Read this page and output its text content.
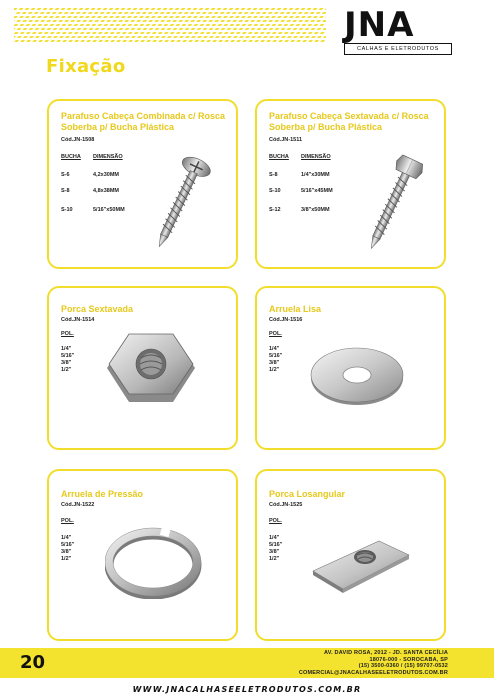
JNA
CALHAS E ELETRODUTOS
Fixação
Parafuso Cabeça Combinada c/ Rosca Soberba p/ Bucha Plástica
Cód.JN-1508
BUCHA DIMENSÃO
S-6	4,2x30MM
S-8	4,8x38MM
S-10	5/16"x50MM
Parafuso Cabeça Sextavada c/ Rosca Soberba p/ Bucha Plástica
Cód.JN-1511
BUCHA DIMENSÃO
S-8	1/4"x30MM
S-10	5/16"x45MM
S-12	3/8"x50MM
Porca Sextavada
Cód.JN-1514
POL.
1/4"
5/16"
3/8"
1/2"
Arruela Lisa
Cód.JN-1516
POL.
1/4"
5/16"
3/8"
1/2"
Arruela de Pressão
Cód.JN-1522
POL.
1/4"
5/16"
3/8"
1/2"
Porca Losangular
Cód.JN-1525
POL.
1/4"
5/16"
3/8"
1/2"
20	AV. DAVID ROSA, 2012 - JD. SANTA CECÍLIA
18076-000 - SOROCABA, SP
(15) 3500-0360 / (15) 99707-0532
COMERCIAL@JNACALHASEELETRODUTOS.COM.BR
WWW.JNACALHASEELETRODUTOS.COM.BR
